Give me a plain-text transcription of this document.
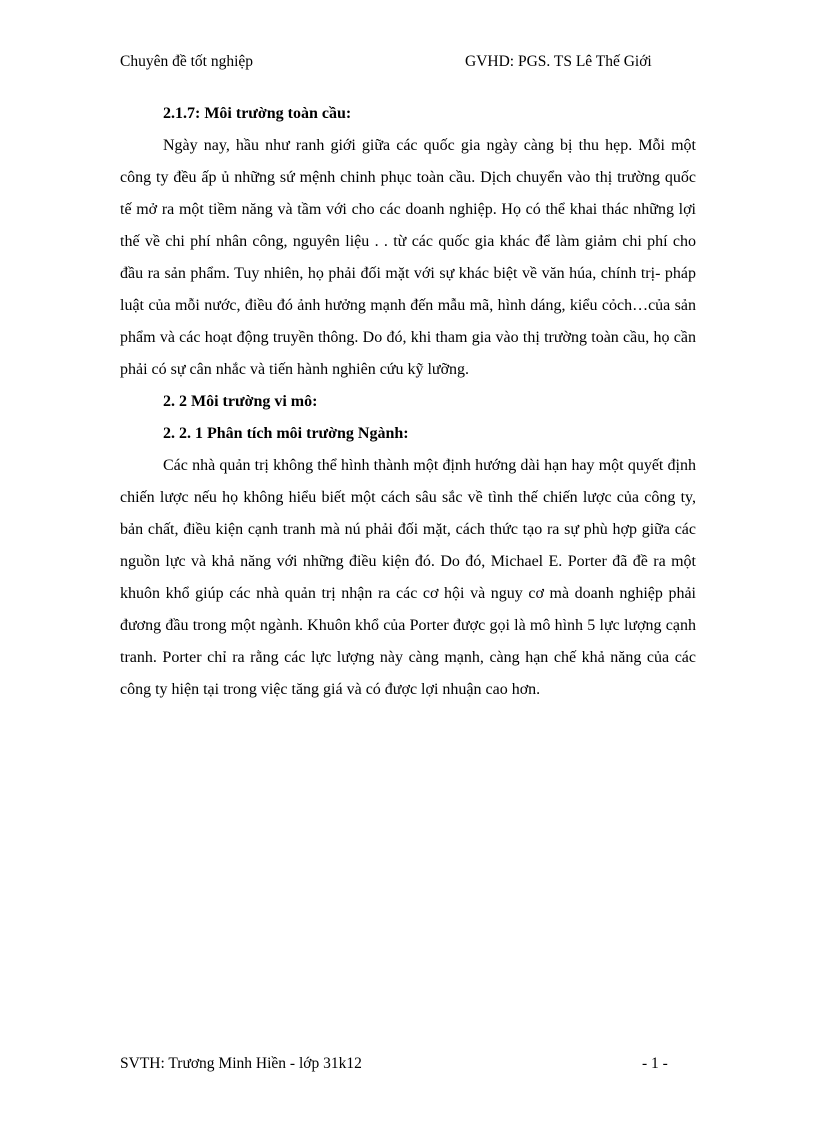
Chuyên đề tốt nghiệp	GVHD: PGS. TS Lê Thế Giới

2.1.7: Môi trường toàn cầu:

Ngày nay, hầu như ranh giới giữa các quốc gia ngày càng bị thu hẹp. Mỗi một công ty đều ấp ủ những sứ mệnh chinh phục toàn cầu. Dịch chuyển vào thị trường quốc tế mở ra một tiềm năng và tầm với cho các doanh nghiệp. Họ có thể khai thác những lợi thế về chi phí nhân công, nguyên liệu . . từ các quốc gia khác để làm giảm chi phí cho đầu ra sản phẩm. Tuy nhiên, họ phải đối mặt với sự khác biệt về văn húa, chính trị- pháp luật của mỗi nước, điều đó ảnh hưởng mạnh đến mẫu mã, hình dáng, kiểu cỏch…của sản phẩm và các hoạt động truyền thông. Do đó, khi tham gia vào thị trường toàn cầu, họ cần phải có sự cân nhắc và tiến hành nghiên cứu kỹ lưỡng.

2. 2 Môi trường vi mô:

2. 2. 1 Phân tích môi trường Ngành:

Các nhà quản trị không thể hình thành một định hướng dài hạn hay một quyết định chiến lược nếu họ không hiểu biết một cách sâu sắc về tình thế chiến lược của công ty, bản chất, điều kiện cạnh tranh mà nú phải đối mặt, cách thức tạo ra sự phù hợp giữa các nguồn lực và khả năng với những điều kiện đó. Do đó, Michael E. Porter đã đề ra một khuôn khổ giúp các nhà quản trị nhận ra các cơ hội và nguy cơ mà doanh nghiệp phải đương đầu trong một ngành. Khuôn khổ của Porter được gọi là mô hình 5 lực lượng cạnh tranh. Porter chỉ ra rằng các lực lượng này càng mạnh, càng hạn chế khả năng của các công ty hiện tại trong việc tăng giá và có được lợi nhuận cao hơn.

SVTH: Trương Minh Hiền - lớp 31k12	- 1 -
